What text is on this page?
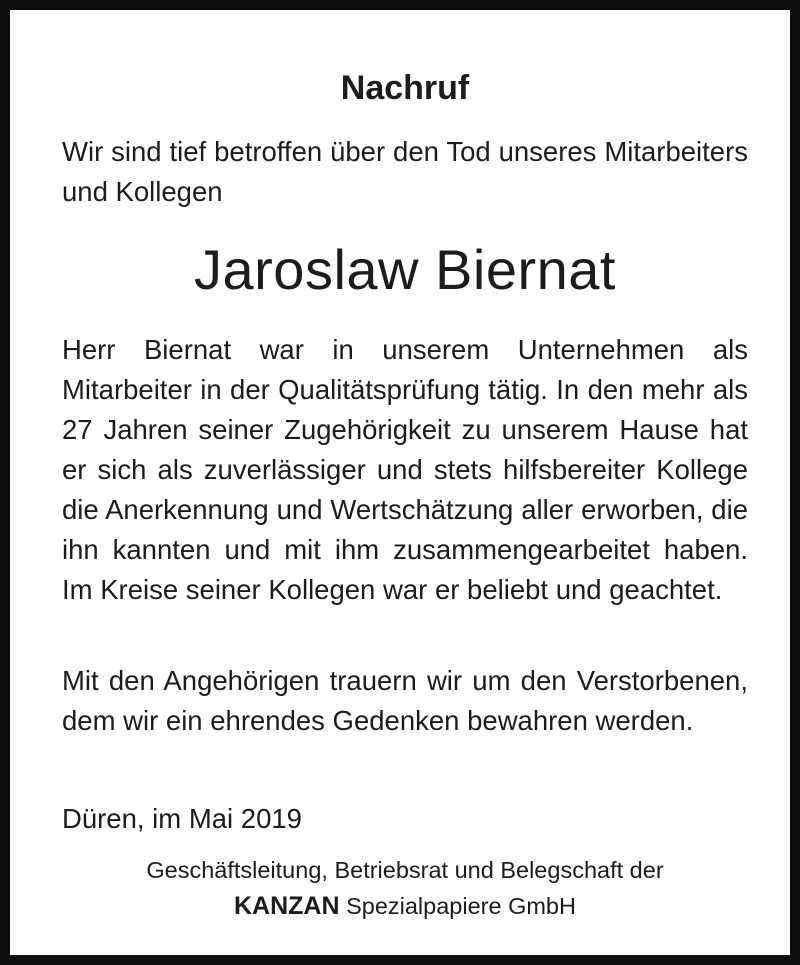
Nachruf

Wir sind tief betroffen über den Tod unseres Mitarbeiters und Kollegen

Jaroslaw Biernat

Herr Biernat war in unserem Unternehmen als Mitarbeiter in der Qualitätsprüfung tätig. In den mehr als 27 Jahren seiner Zugehörigkeit zu unserem Hause hat er sich als zuverlässiger und stets hilfsbereiter Kollege die Anerkennung und Wertschätzung aller erworben, die ihn kannten und mit ihm zusammengearbeitet haben. Im Kreise seiner Kollegen war er beliebt und geachtet.

Mit den Angehörigen trauern wir um den Verstorbenen, dem wir ein ehrendes Gedenken bewahren werden.

Düren, im Mai 2019
Geschäftsleitung, Betriebsrat und Belegschaft der
KANZAN Spezialpapiere GmbH
